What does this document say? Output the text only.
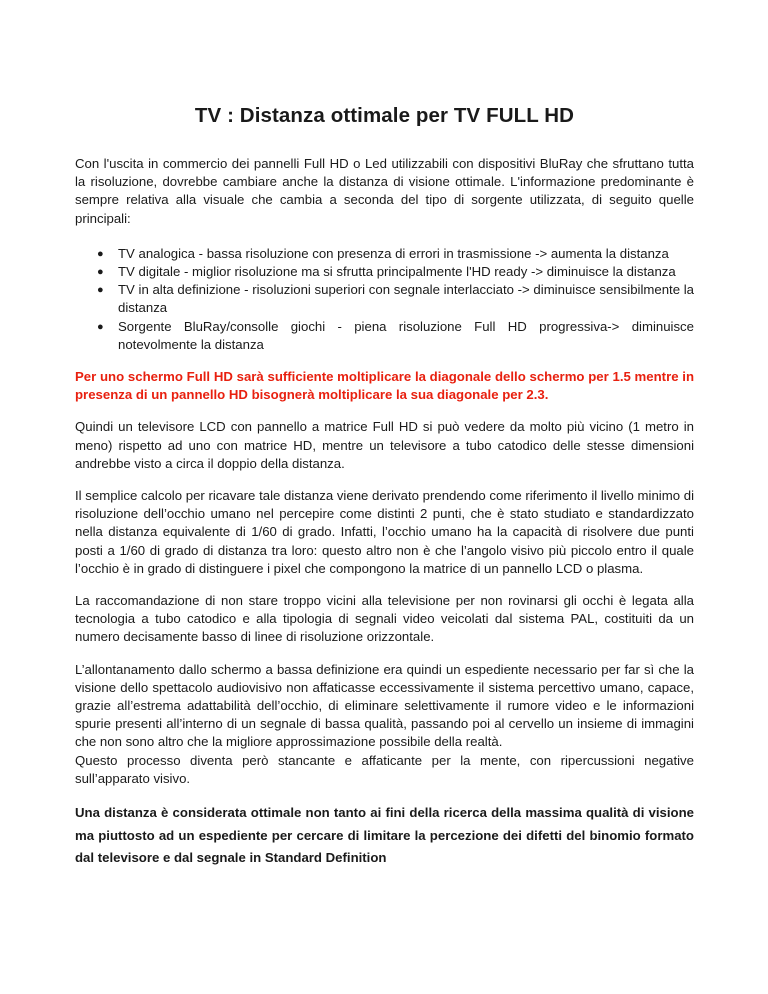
TV : Distanza ottimale per TV FULL HD

Con l'uscita in commercio dei pannelli Full HD o Led utilizzabili con dispositivi BluRay che sfruttano tutta la risoluzione, dovrebbe cambiare anche la distanza di visione ottimale. L'informazione predominante è sempre relativa alla visuale che cambia a seconda del tipo di sorgente utilizzata, di seguito quelle principali:

● TV analogica - bassa risoluzione con presenza di errori in trasmissione -> aumenta la distanza
● TV digitale - miglior risoluzione ma si sfrutta principalmente l'HD ready -> diminuisce la distanza
● TV in alta definizione - risoluzioni superiori con segnale interlacciato -> diminuisce sensibilmente la distanza
● Sorgente BluRay/consolle giochi - piena risoluzione Full HD progressiva-> diminuisce notevolmente la distanza

Per uno schermo Full HD sarà sufficiente moltiplicare la diagonale dello schermo per 1.5 mentre in presenza di un pannello HD bisognerà moltiplicare la sua diagonale per 2.3.

Quindi un televisore LCD con pannello a matrice Full HD si può vedere da molto più vicino (1 metro in meno) rispetto ad uno con matrice HD, mentre un televisore a tubo catodico delle stesse dimensioni andrebbe visto a circa il doppio della distanza.

Il semplice calcolo per ricavare tale distanza viene derivato prendendo come riferimento il livello minimo di risoluzione dell’occhio umano nel percepire come distinti 2 punti, che è stato studiato e standardizzato nella distanza equivalente di 1/60 di grado. Infatti, l’occhio umano ha la capacità di risolvere due punti posti a 1/60 di grado di distanza tra loro: questo altro non è che l’angolo visivo più piccolo entro il quale l’occhio è in grado di distinguere i pixel che compongono la matrice di un pannello LCD o plasma.

La raccomandazione di non stare troppo vicini alla televisione per non rovinarsi gli occhi è legata alla tecnologia a tubo catodico e alla tipologia di segnali video veicolati dal sistema PAL, costituiti da un numero decisamente basso di linee di risoluzione orizzontale.

L’allontanamento dallo schermo a bassa definizione era quindi un espediente necessario per far sì che la visione dello spettacolo audiovisivo non affaticasse eccessivamente il sistema percettivo umano, capace, grazie all’estrema adattabilità dell’occhio, di eliminare selettivamente il rumore video e le informazioni spurie presenti all’interno di un segnale di bassa qualità, passando poi al cervello un insieme di immagini che non sono altro che la migliore approssimazione possibile della realtà.

Questo processo diventa però stancante e affaticante per la mente, con ripercussioni negative sull’apparato visivo.

Una distanza è considerata ottimale non tanto ai fini della ricerca della massima qualità di visione ma piuttosto ad un espediente per cercare di limitare la percezione dei difetti del binomio formato dal televisore e dal segnale in Standard Definition
